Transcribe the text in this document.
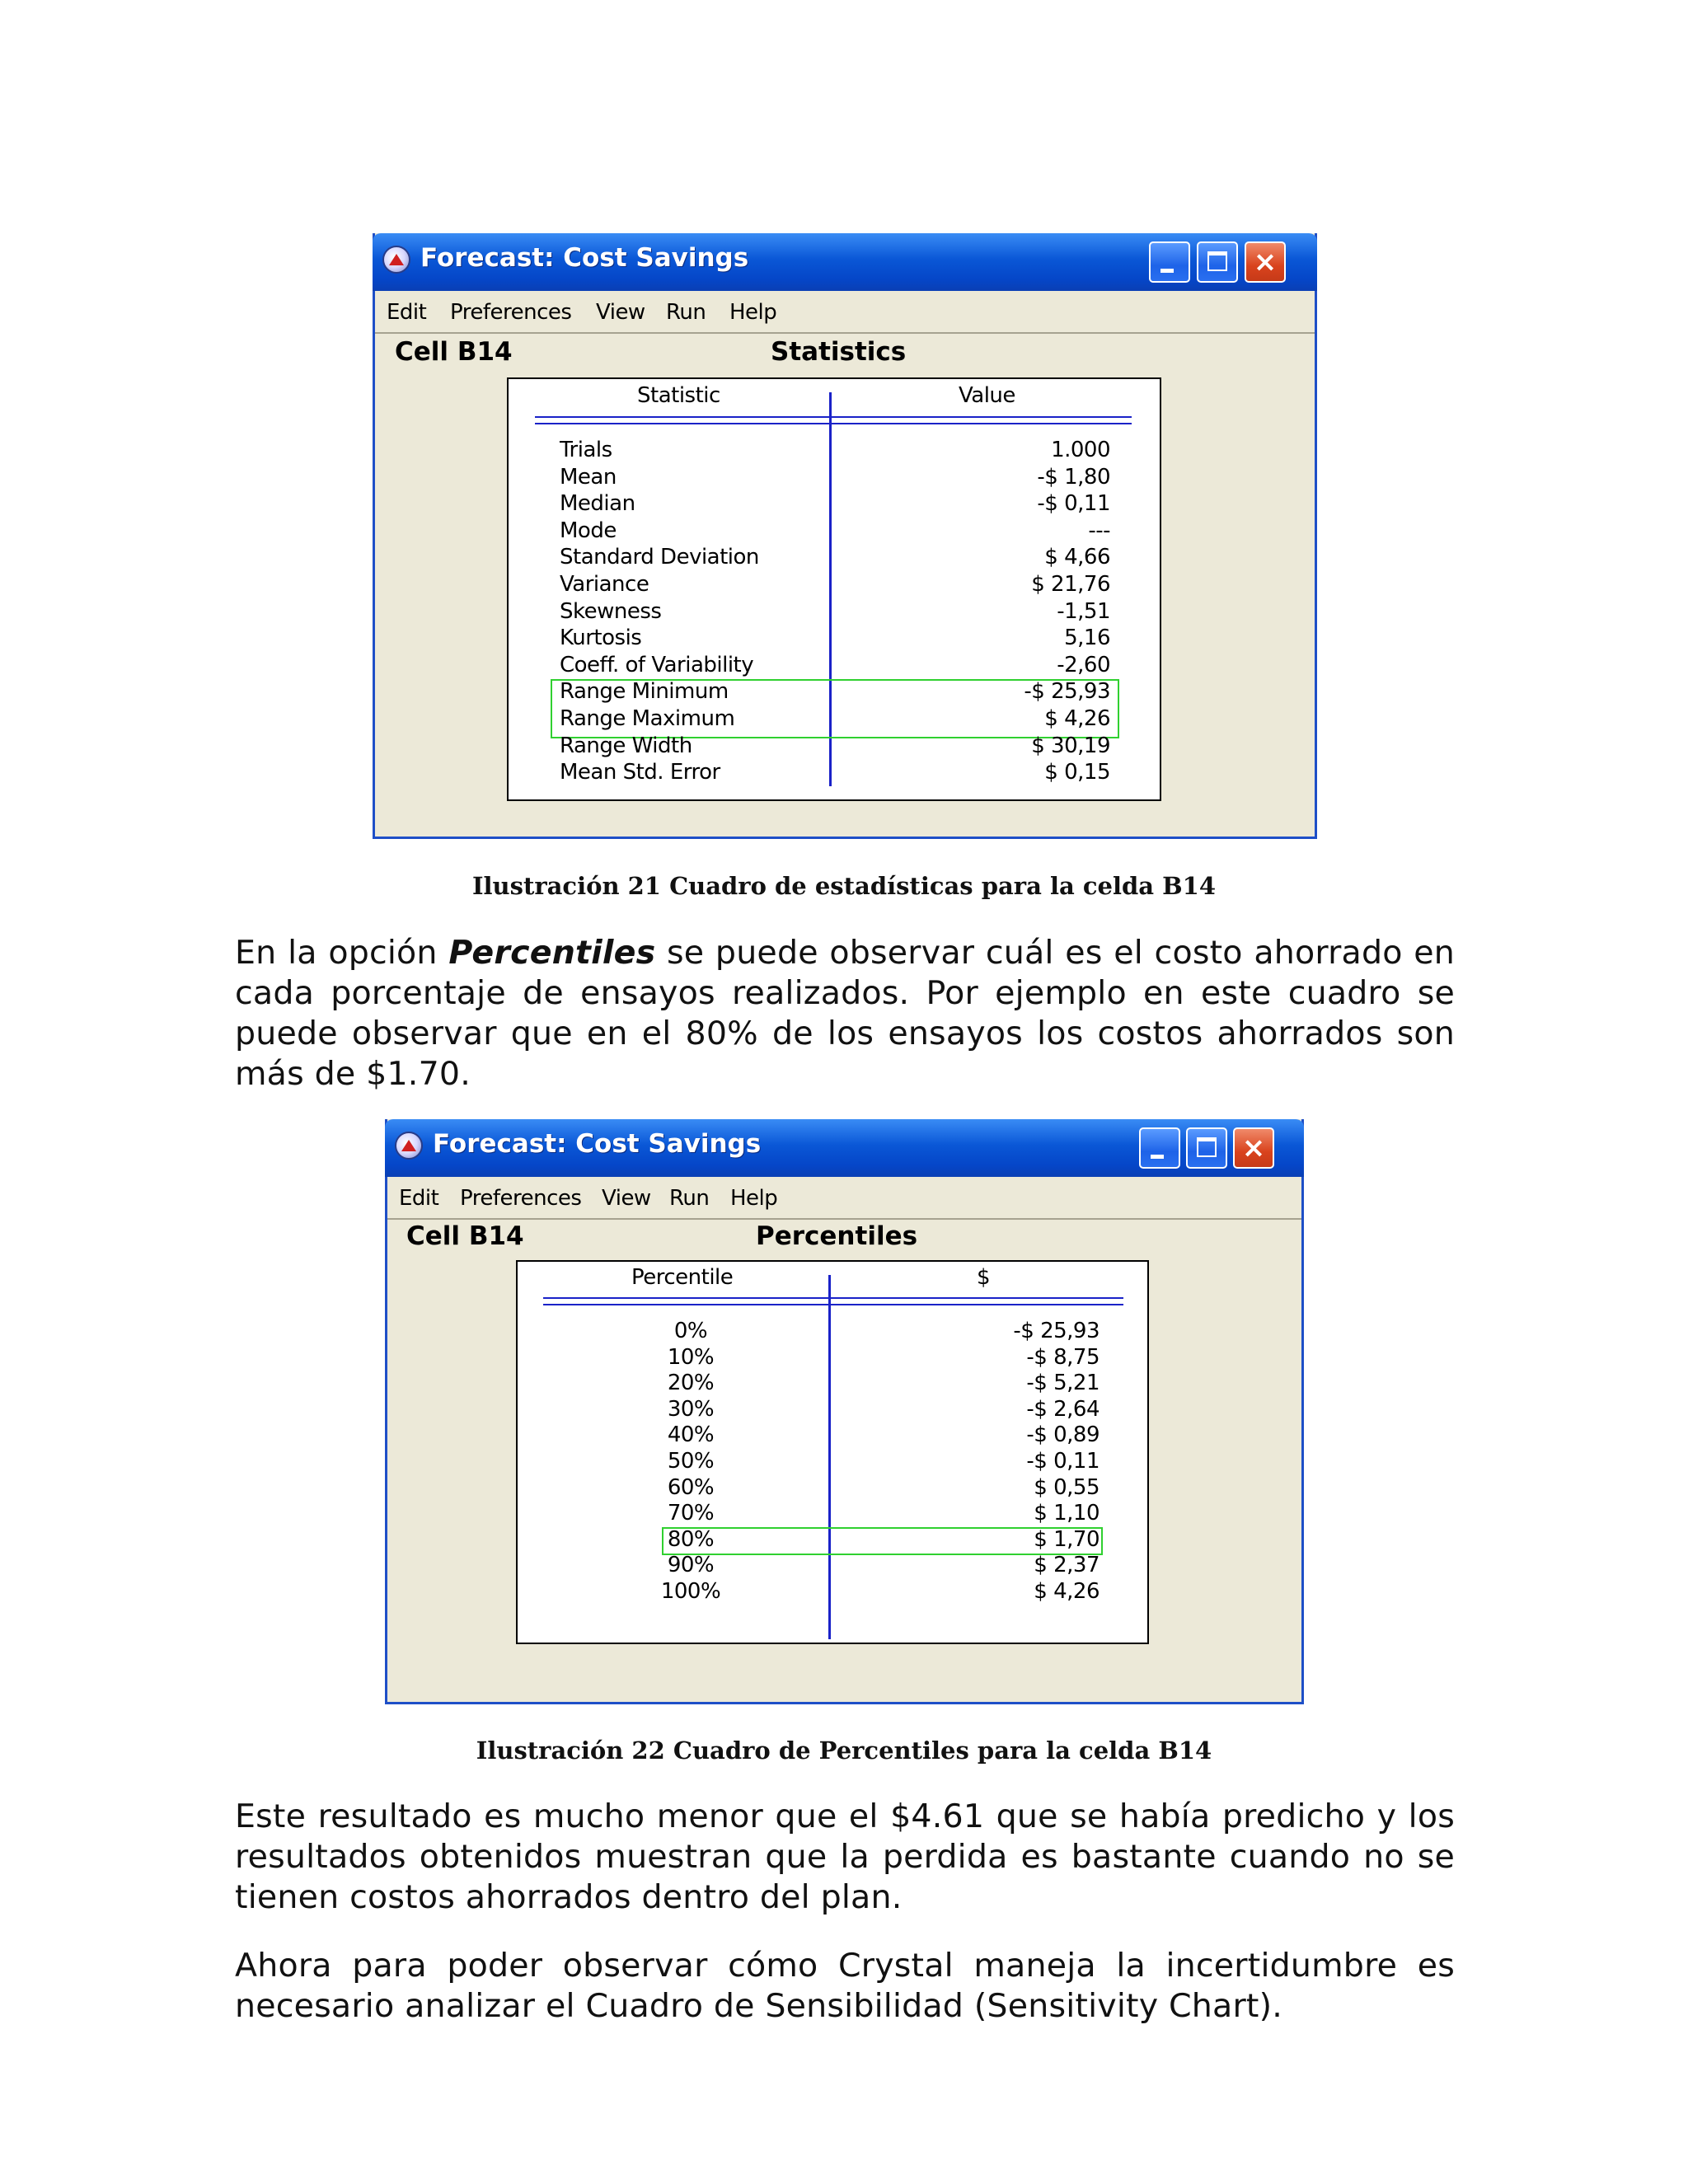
Forecast: Cost Savings	×
Edit Preferences View Run Help
Cell B14	Statistics
Statistic	Value
Trials	1.000
Mean	-$ 1,80
Median	-$ 0,11
Mode	---
Standard Deviation	$ 4,66
Variance	$ 21,76
Skewness	-1,51
Kurtosis	5,16
Coeff. of Variability	-2,60
Range Minimum	-$ 25,93
Range Maximum	$ 4,26
Range Width	$ 30,19
Mean Std. Error	$ 0,15
Ilustración 21 Cuadro de estadísticas para la celda B14

En la opción Percentiles se puede observar cuál es el costo ahorrado en cada porcentaje de ensayos realizados. Por ejemplo en este cuadro se puede observar que en el 80% de los ensayos los costos ahorrados son más de $1.70.

Forecast: Cost Savings	×
Edit Preferences View Run Help
Cell B14	Percentiles
Percentile	$
0%	-$ 25,93
10%	-$ 8,75
20%	-$ 5,21
30%	-$ 2,64
40%	-$ 0,89
50%	-$ 0,11
60%	$ 0,55
70%	$ 1,10
80%	$ 1,70
90%	$ 2,37
100%	$ 4,26
Ilustración 22 Cuadro de Percentiles para la celda B14

Este resultado es mucho menor que el $4.61 que se había predicho y los resultados obtenidos muestran que la perdida es bastante cuando no se tienen costos ahorrados dentro del plan.

Ahora para poder observar cómo Crystal maneja la incertidumbre es necesario analizar el Cuadro de Sensibilidad (Sensitivity Chart).
